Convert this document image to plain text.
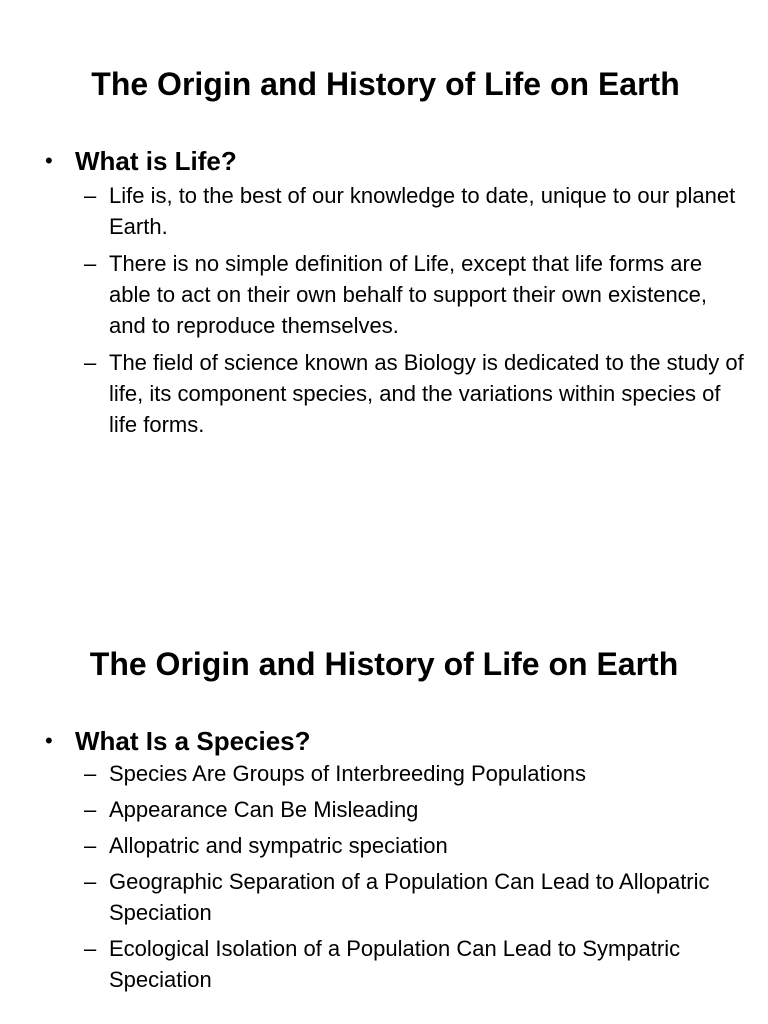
The Origin and History of Life on Earth
• What is Life?
– Life is, to the best of our knowledge to date, unique to our planet Earth.
– There is no simple definition of Life, except that life forms are able to act on their own behalf to support their own existence, and to reproduce themselves.
– The field of science known as Biology is dedicated to the study of life, its component species, and the variations within species of life forms.
The Origin and History of Life on Earth
• What Is a Species?
– Species Are Groups of Interbreeding Populations
– Appearance Can Be Misleading
– Allopatric and sympatric speciation
– Geographic Separation of a Population Can Lead to Allopatric Speciation
– Ecological Isolation of a Population Can Lead to Sympatric Speciation
